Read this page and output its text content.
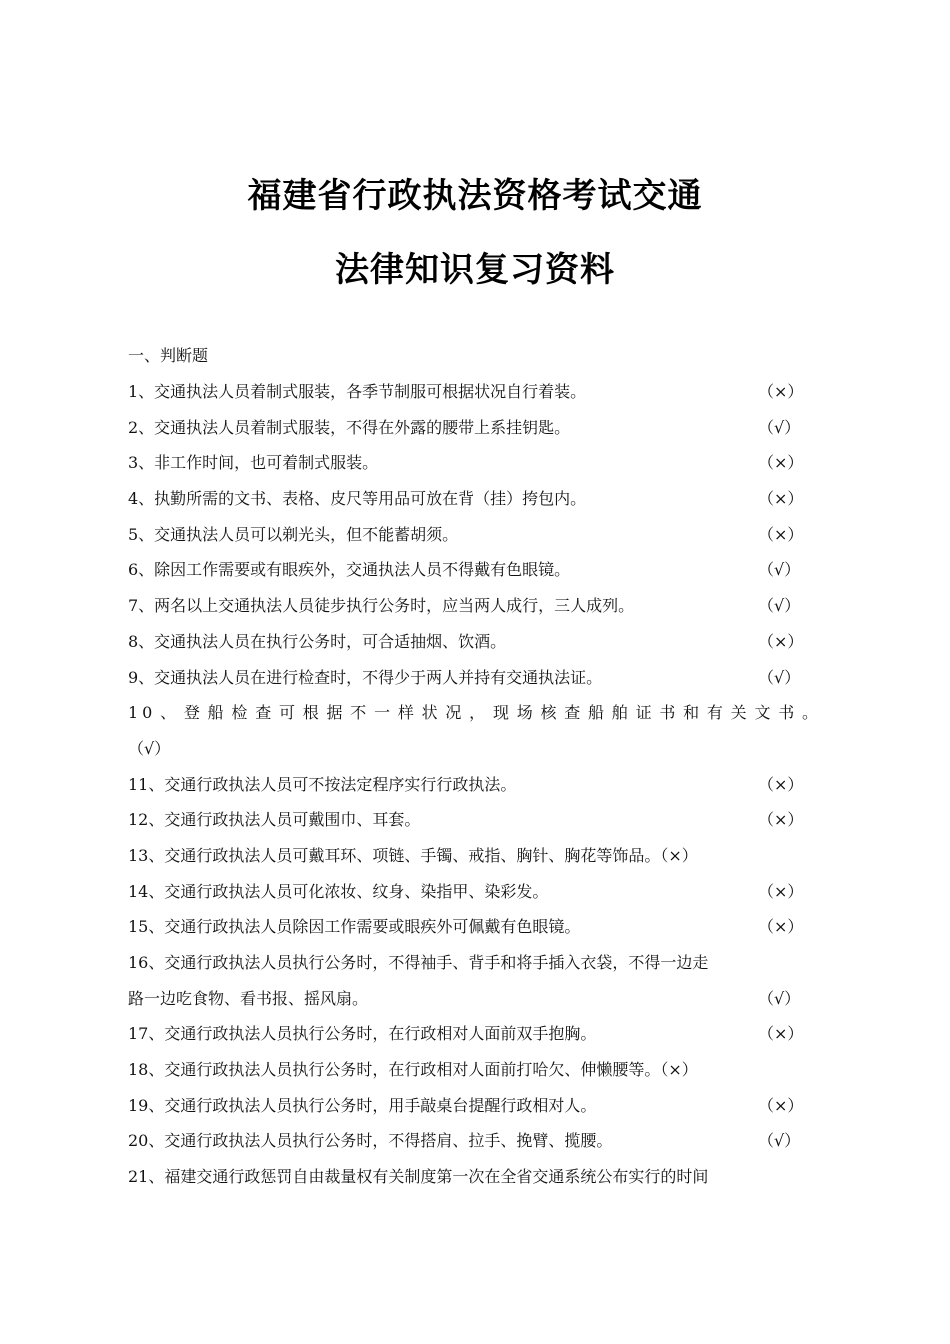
福建省行政执法资格考试交通
法律知识复习资料
一、判断题
1、交通执法人员着制式服装，各季节制服可根据状况自行着装。	（×）
2、交通执法人员着制式服装，不得在外露的腰带上系挂钥匙。	（√）
3、非工作时间，也可着制式服装。	（×）
4、执勤所需的文书、表格、皮尺等用品可放在背（挂）挎包内。	（×）
5、交通执法人员可以剃光头，但不能蓄胡须。	（×）
6、除因工作需要或有眼疾外，交通执法人员不得戴有色眼镜。	（√）
7、两名以上交通执法人员徒步执行公务时，应当两人成行，三人成列。	（√）
8、交通执法人员在执行公务时，可合适抽烟、饮酒。	（×）
9、交通执法人员在进行检查时，不得少于两人并持有交通执法证。	（√）
10、登船检查可根据不一样状况，现场核查船舶证书和有关文书。
（√）
11、交通行政执法人员可不按法定程序实行行政执法。	（×）
12、交通行政执法人员可戴围巾、耳套。	（×）
13、交通行政执法人员可戴耳环、项链、手镯、戒指、胸针、胸花等饰品。（×）
14、交通行政执法人员可化浓妆、纹身、染指甲、染彩发。	（×）
15、交通行政执法人员除因工作需要或眼疾外可佩戴有色眼镜。	（×）
16、交通行政执法人员执行公务时，不得袖手、背手和将手插入衣袋，不得一边走
路一边吃食物、看书报、摇风扇。	（√）
17、交通行政执法人员执行公务时，在行政相对人面前双手抱胸。	（×）
18、交通行政执法人员执行公务时，在行政相对人面前打哈欠、伸懒腰等。（×）
19、交通行政执法人员执行公务时，用手敲桌台提醒行政相对人。	（×）
20、交通行政执法人员执行公务时，不得搭肩、拉手、挽臂、揽腰。	（√）
21、福建交通行政惩罚自由裁量权有关制度第一次在全省交通系统公布实行的时间
